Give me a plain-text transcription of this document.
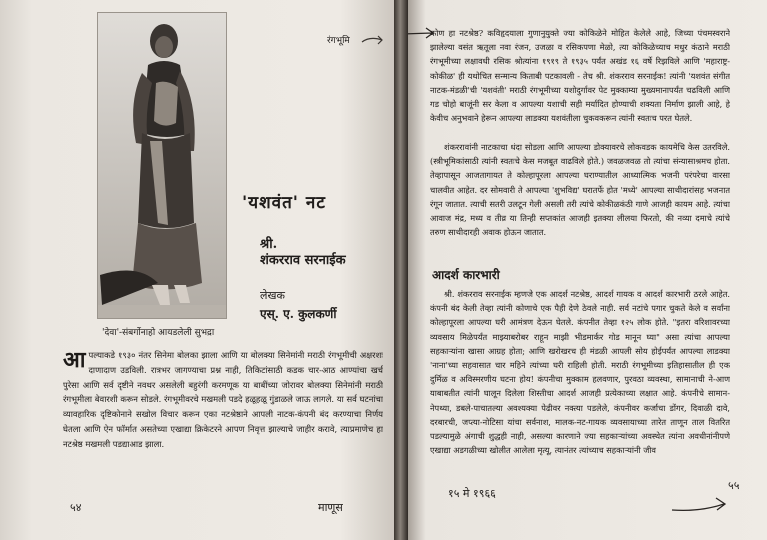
रंगभूमि
'यशवंत' नट
श्री.
शंकरराव सरनाईक
लेखक
एस्. ए. कुलकर्णी
'देवा'-संबर्गोनाहो आयडलेली सुभद्रा

आपल्याकडे १९३० नंतर सिनेमा बोलका झाला आणि या बोलक्या सिनेमांनी मराठी रंगभूमीची अक्षरशः दाणादाण उडविली. रात्रभर जागण्याचा प्रश्न नाही, तिकिटांसाठी कडक चार-आठ आण्यांचा खर्च पुरेसा आणि सर्व दृष्टीने नवथर असलेली बहुरंगी करमणूक या बाबींच्या जोरावर बोलक्या सिनेमांनी मराठी रंगभूमीला बेवारशी करून सोडले. रंगभूमीवरचे मखमली पडदे हळूहळू गुंडाळले जाऊ लागले. या सर्व घटनांचा व्यावहारिक दृष्टिकोनाने सखोल विचार करून एका नटश्रेष्ठाने आपली नाटक-कंपनी बंद करण्याचा निर्णय घेतला आणि ऐन फॉर्मात असतेच्या एखाद्या क्रिकेटरने आपण निवृत्त झाल्याचे जाहीर करावे, त्याप्रमाणेच हा नटश्रेष्ठ मखमली पडद्याआड झाला.

५४	माणूस

कोण हा नटश्रेष्ठ? कविहृदयाला गुणानुयुक्ते ज्या कोकिळेने मोहित केलेले आहे, जिच्या पंचमस्वराने झालेल्या वसंत ऋतूला नवा रंजन, उजळा व रसिकपणा मेळो, त्या कोकिळेच्याच मधुर कंठाने मराठी रंगभूमीच्या लक्षावधी रसिक श्रोत्यांना १९१९ ते १९३५ पर्यंत अखंड १६ वर्षे रिझविले आणि 'महाराष्ट्र-कोकीळ' ही यथोचित सन्मान्य किताबी पटकावली - तेच श्री. शंकरराव सरनाईक! त्यांनी 'यशवंत संगीत नाटक-मंडळी'ची 'यशवंती' मराठी रंगभूमीच्या यशोदुर्गावर पेट मुक्काम्या मुख्यमानापर्यंत चढविली आणि गड चोहो बाजूंनी सर केला व आपल्या यशाची सही मर्यादित होण्याची शक्यता निर्माण झाली आहे, हे केवीच अनुभवाने हेरून आपल्या लाडक्या यशवंतीला चुकवकरून त्यांनी स्वतःच परत घेतले.

शंकररावांनी नाटकाचा धंदा सोडला आणि आपल्या डोक्यावरचे लोकवडक कायमेचि केस उतरविले. (स्त्रीभूमिकांसाठी त्यांनी स्वतःचे केस मजबूत वाढविले होते.) जवळजवळ तो त्यांचा संन्यासाश्रमच होता. तेव्हापासून आजतागायत ते कोल्हापूरला आपल्या घराण्यातील आध्यात्मिक भजनी परंपरेचा वारसा चालवीत आहेत. दर सोमवारी ते आपल्या 'शुभविद्य' घरातर्फे होत 'मध्ये' आपल्या साथीदारांसह भजनात रंगून जातात. त्याची सतरी उलटून गेली असली तरी त्यांचे कोकीळकंठी गाणे आजही कायम आहे. त्यांचा आवाज मंद्र, मध्य व तीव्र या तिन्ही सप्तकांत आजही इतक्या लीलया फिरतो, की नव्या दमाचे त्यांचे तरुण साथीदारही अवाक होऊन जातात.

आदर्श कारभारी

श्री. शंकरराव सरनाईक म्हणजे एक आदर्श नटश्रेष्ठ, आदर्श गायक व आदर्श कारभारी ठरले आहेत. कंपनी बंद केली तेव्हा त्यांनी कोणाचे एक पैही देणे ठेवले नाही. सर्व नटांचे पगार चुकते केले व सर्वांना कोल्हापूरला आपल्या घरी आमंत्रण देऊन घेतले. कंपनीत तेव्हा १२५ लोक होते. "इतरा वरिशावरच्या व्यवसाय मिळेपर्यंत माझ्याबरोबर राहून माझी भीडमार्कर गोड मानून घ्या" असा त्यांचा आपल्या सहकाऱ्यांना खासा आग्रह होता; आणि खरोखरच ही मंडळी आपली सोय होईपर्यंत आपल्या लाडक्या 'नाना'च्या सहवासात चार महिने त्यांच्या घरी राहिली होती. मराठी रंगभूमीच्या इतिहासातील ही एक दुर्मिळ व अविस्मरणीय घटना होय! कंपनीचा मुक्काम हलवणार, पुरवठा व्यवस्था, सामानाची ने-आण याबाबतीत त्यांनी घालून दिलेला शिस्तीचा आदर्श आजही प्रत्येकाच्या लक्षात आहे. कंपनीचे सामान-नेपथ्या, डबले-पाचातल्या अवश्यक्या पेढीवर नक्त्या पडलेले, कंपनीवर कर्जाचा डोंगर, दिवाळी दावे, दरबारची, जप्त्या-नोटिसा यांचा सर्वनाश, मालक-नट-गायक व्यवसायाच्या तारेत ताणून ताल वितरित पडल्यामुळे अंगाची शुद्धही नाही, असल्या कारणाने ज्या सहकाऱ्यांच्या अवस्थेत त्यांना अवधीनांनीपणे एखाद्या अडगळीच्या खोलीत आलेला मृत्यू, त्यानंतर त्यांच्याच सहकाऱ्यांनी जीव

१५ मे १९६६
५५
